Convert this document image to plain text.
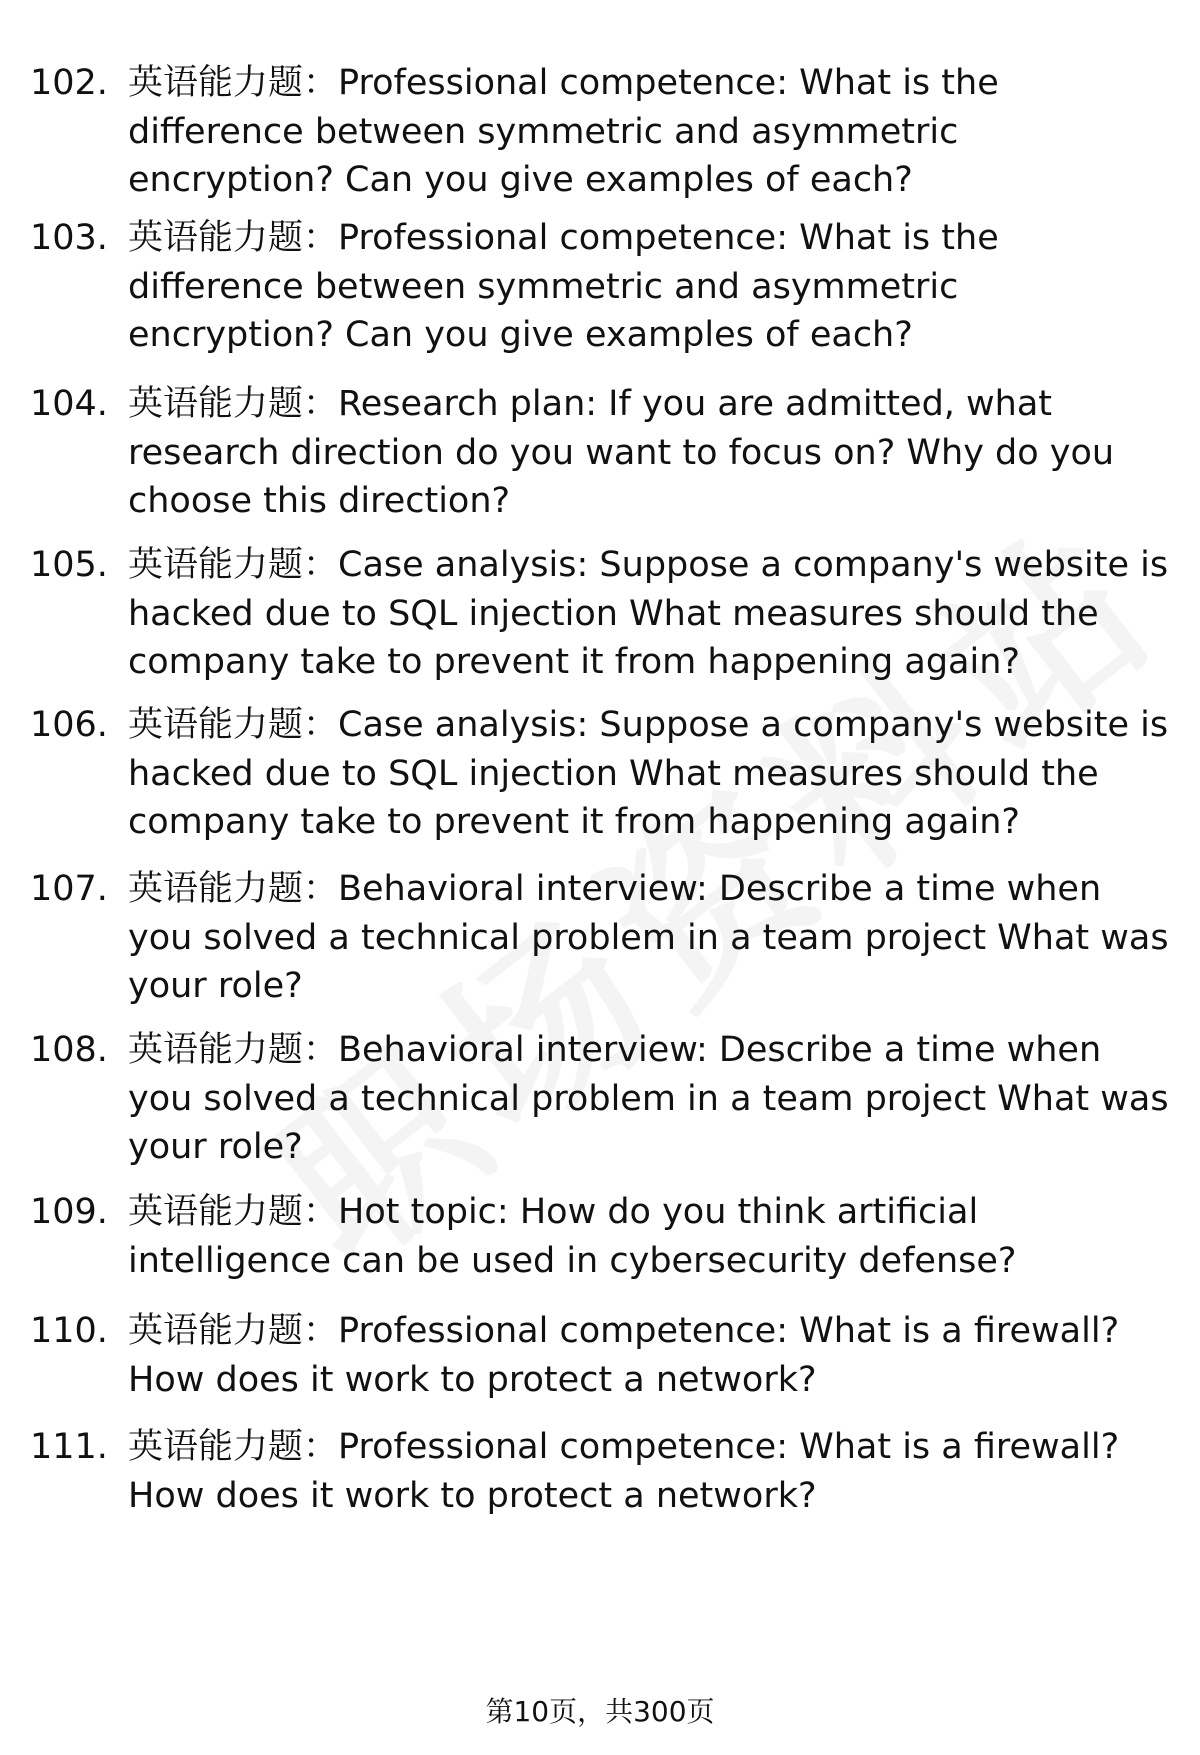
102. 英语能力题：Professional competence: What is the difference between symmetric and asymmetric encryption? Can you give examples of each?
103. 英语能力题：Professional competence: What is the difference between symmetric and asymmetric encryption? Can you give examples of each?
104. 英语能力题：Research plan: If you are admitted, what research direction do you want to focus on? Why do you choose this direction?
105. 英语能力题：Case analysis: Suppose a company's website is hacked due to SQL injection What measures should the company take to prevent it from happening again?
106. 英语能力题：Case analysis: Suppose a company's website is hacked due to SQL injection What measures should the company take to prevent it from happening again?
107. 英语能力题：Behavioral interview: Describe a time when you solved a technical problem in a team project What was your role?
108. 英语能力题：Behavioral interview: Describe a time when you solved a technical problem in a team project What was your role?
109. 英语能力题：Hot topic: How do you think artificial intelligence can be used in cybersecurity defense?
110. 英语能力题：Professional competence: What is a firewall? How does it work to protect a network?
111. 英语能力题：Professional competence: What is a firewall? How does it work to protect a network?
第10页，共300页
